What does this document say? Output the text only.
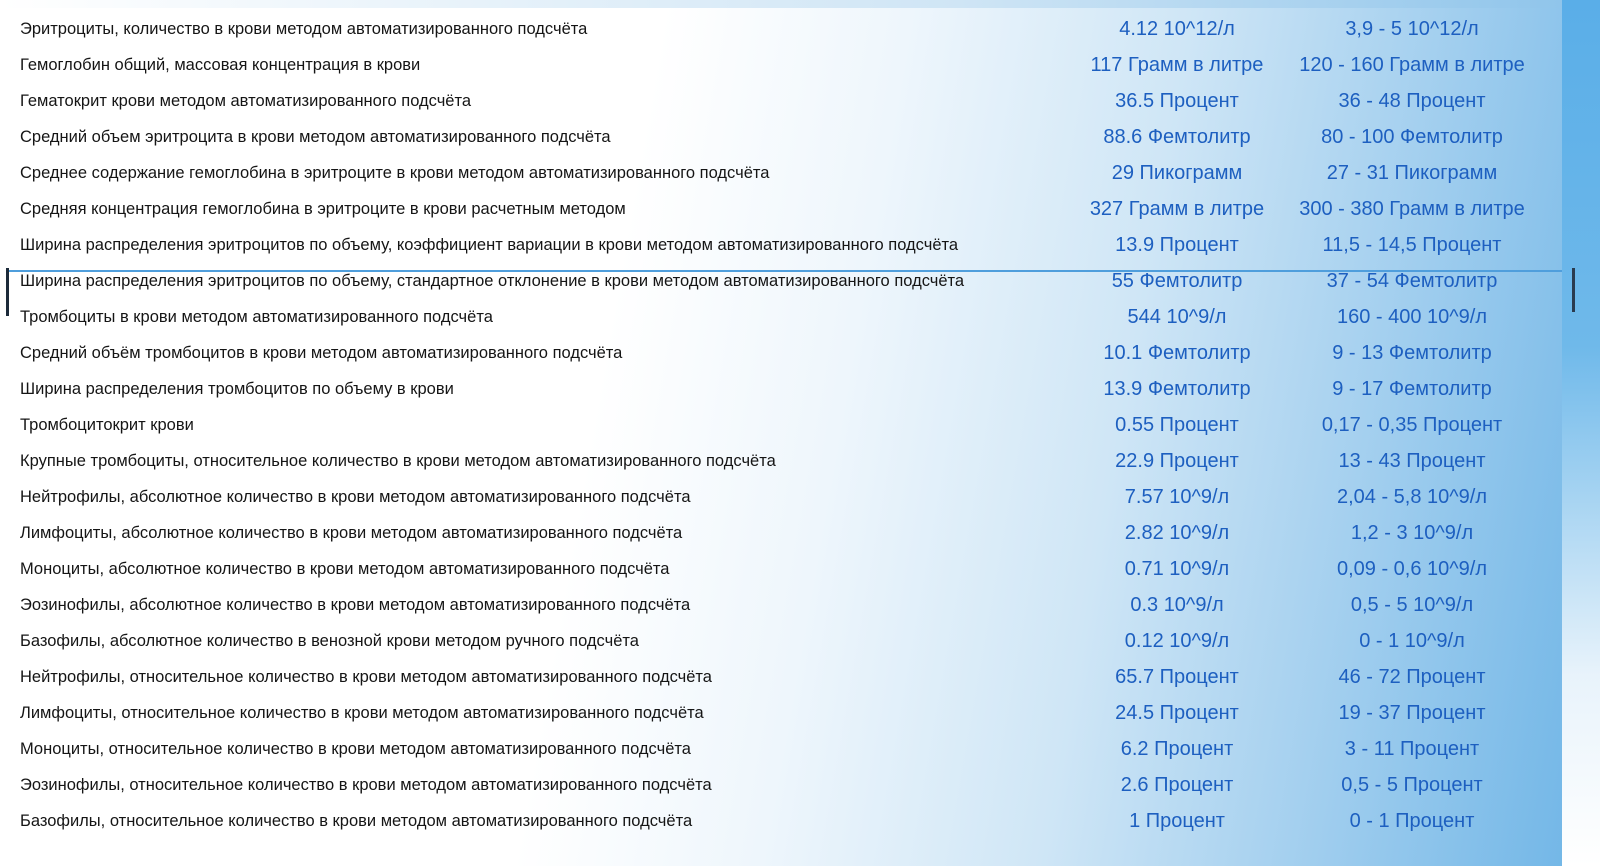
Эритроциты, количество в крови методом автоматизированного подсчёта	4.12 10^12/л	3,9 - 5 10^12/л
Гемоглобин общий, массовая концентрация в крови	117 Грамм в литре	120 - 160 Грамм в литре
Гематокрит крови методом автоматизированного подсчёта	36.5 Процент	36 - 48 Процент
Средний объем эритроцита в крови методом автоматизированного подсчёта	88.6 Фемтолитр	80 - 100 Фемтолитр
Среднее содержание гемоглобина в эритроците в крови методом автоматизированного подсчёта	29 Пикограмм	27 - 31 Пикограмм
Средняя концентрация гемоглобина в эритроците в крови расчетным методом	327 Грамм в литре	300 - 380 Грамм в литре
Ширина распределения эритроцитов по объему, коэффициент вариации в крови методом автоматизированного подсчёта	13.9 Процент	11,5 - 14,5 Процент
Ширина распределения эритроцитов по объему, стандартное отклонение в крови методом автоматизированного подсчёта	55 Фемтолитр	37 - 54 Фемтолитр
Тромбоциты в крови методом автоматизированного подсчёта	544 10^9/л	160 - 400 10^9/л
Средний объём тромбоцитов в крови методом автоматизированного подсчёта	10.1 Фемтолитр	9 - 13 Фемтолитр
Ширина распределения тромбоцитов по объему в крови	13.9 Фемтолитр	9 - 17 Фемтолитр
Тромбоцитокрит крови	0.55 Процент	0,17 - 0,35 Процент
Крупные тромбоциты, относительное количество в крови методом автоматизированного подсчёта	22.9 Процент	13 - 43 Процент
Нейтрофилы, абсолютное количество в крови методом автоматизированного подсчёта	7.57 10^9/л	2,04 - 5,8 10^9/л
Лимфоциты, абсолютное количество в крови методом автоматизированного подсчёта	2.82 10^9/л	1,2 - 3 10^9/л
Моноциты, абсолютное количество в крови методом автоматизированного подсчёта	0.71 10^9/л	0,09 - 0,6 10^9/л
Эозинофилы, абсолютное количество в крови методом автоматизированного подсчёта	0.3 10^9/л	0,5 - 5 10^9/л
Базофилы, абсолютное количество в венозной крови методом ручного подсчёта	0.12 10^9/л	0 - 1 10^9/л
Нейтрофилы, относительное количество в крови методом автоматизированного подсчёта	65.7 Процент	46 - 72 Процент
Лимфоциты, относительное количество в крови методом автоматизированного подсчёта	24.5 Процент	19 - 37 Процент
Моноциты, относительное количество в крови методом автоматизированного подсчёта	6.2 Процент	3 - 11 Процент
Эозинофилы, относительное количество в крови методом автоматизированного подсчёта	2.6 Процент	0,5 - 5 Процент
Базофилы, относительное количество в крови методом автоматизированного подсчёта	1 Процент	0 - 1 Процент
